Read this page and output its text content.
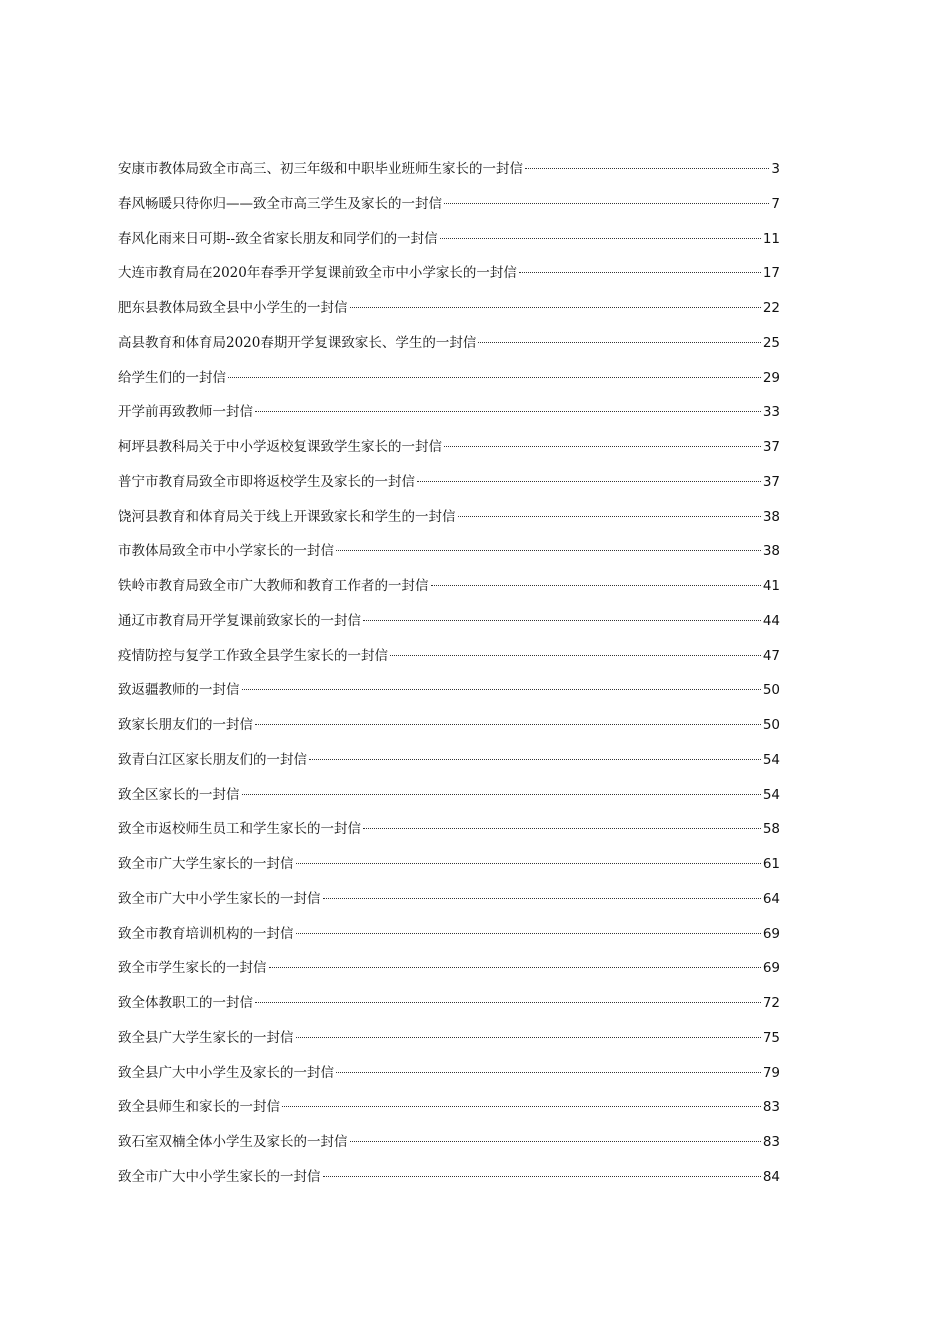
安康市教体局致全市高三、初三年级和中职毕业班师生家长的一封信	3
春风畅暖只待你归——致全市高三学生及家长的一封信	7
春风化雨来日可期--致全省家长朋友和同学们的一封信	11
大连市教育局在2020年春季开学复课前致全市中小学家长的一封信	17
肥东县教体局致全县中小学生的一封信	22
高县教育和体育局2020春期开学复课致家长、学生的一封信	25
给学生们的一封信	29
开学前再致教师一封信	33
柯坪县教科局关于中小学返校复课致学生家长的一封信	37
普宁市教育局致全市即将返校学生及家长的一封信	37
饶河县教育和体育局关于线上开课致家长和学生的一封信	38
市教体局致全市中小学家长的一封信	38
铁岭市教育局致全市广大教师和教育工作者的一封信	41
通辽市教育局开学复课前致家长的一封信	44
疫情防控与复学工作致全县学生家长的一封信	47
致返疆教师的一封信	50
致家长朋友们的一封信	50
致青白江区家长朋友们的一封信	54
致全区家长的一封信	54
致全市返校师生员工和学生家长的一封信	58
致全市广大学生家长的一封信	61
致全市广大中小学生家长的一封信	64
致全市教育培训机构的一封信	69
致全市学生家长的一封信	69
致全体教职工的一封信	72
致全县广大学生家长的一封信	75
致全县广大中小学生及家长的一封信	79
致全县师生和家长的一封信	83
致石室双楠全体小学生及家长的一封信	83
致全市广大中小学生家长的一封信	84
